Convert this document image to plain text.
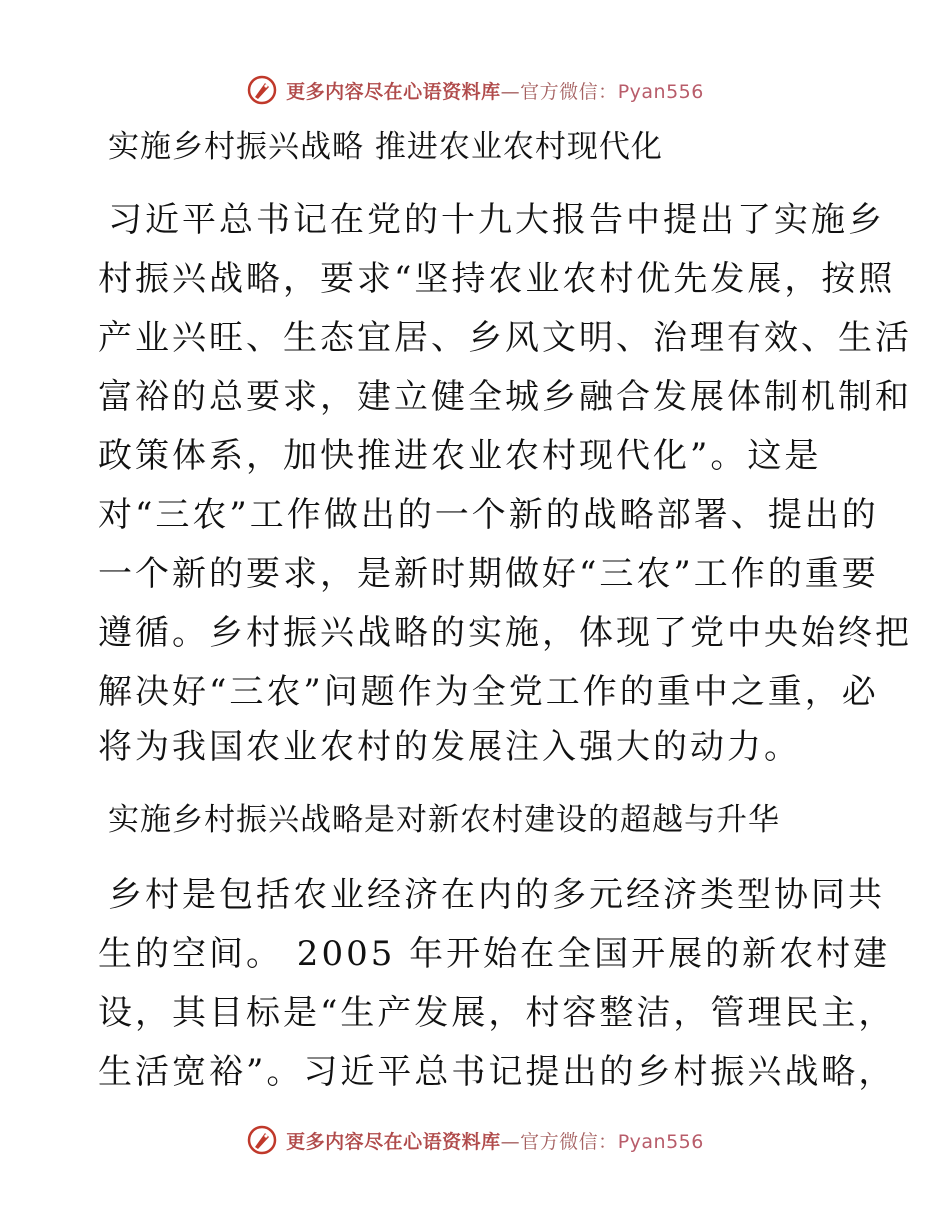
更多内容尽在心语资料库—官方微信：Pyan556
实施乡村振兴战略 推进农业农村现代化
习近平总书记在党的十九大报告中提出了实施乡
村振兴战略，要求“坚持农业农村优先发展，按照
产业兴旺、生态宜居、乡风文明、治理有效、生活
富裕的总要求，建立健全城乡融合发展体制机制和
政策体系，加快推进农业农村现代化”。这是
对“三农”工作做出的一个新的战略部署、提出的
一个新的要求，是新时期做好“三农”工作的重要
遵循。乡村振兴战略的实施，体现了党中央始终把
解决好“三农”问题作为全党工作的重中之重，必
将为我国农业农村的发展注入强大的动力。
实施乡村振兴战略是对新农村建设的超越与升华
乡村是包括农业经济在内的多元经济类型协同共
生的空间。 2005 年开始在全国开展的新农村建
设，其目标是“生产发展，村容整洁，管理民主，
生活宽裕”。习近平总书记提出的乡村振兴战略，
更多内容尽在心语资料库—官方微信：Pyan556
